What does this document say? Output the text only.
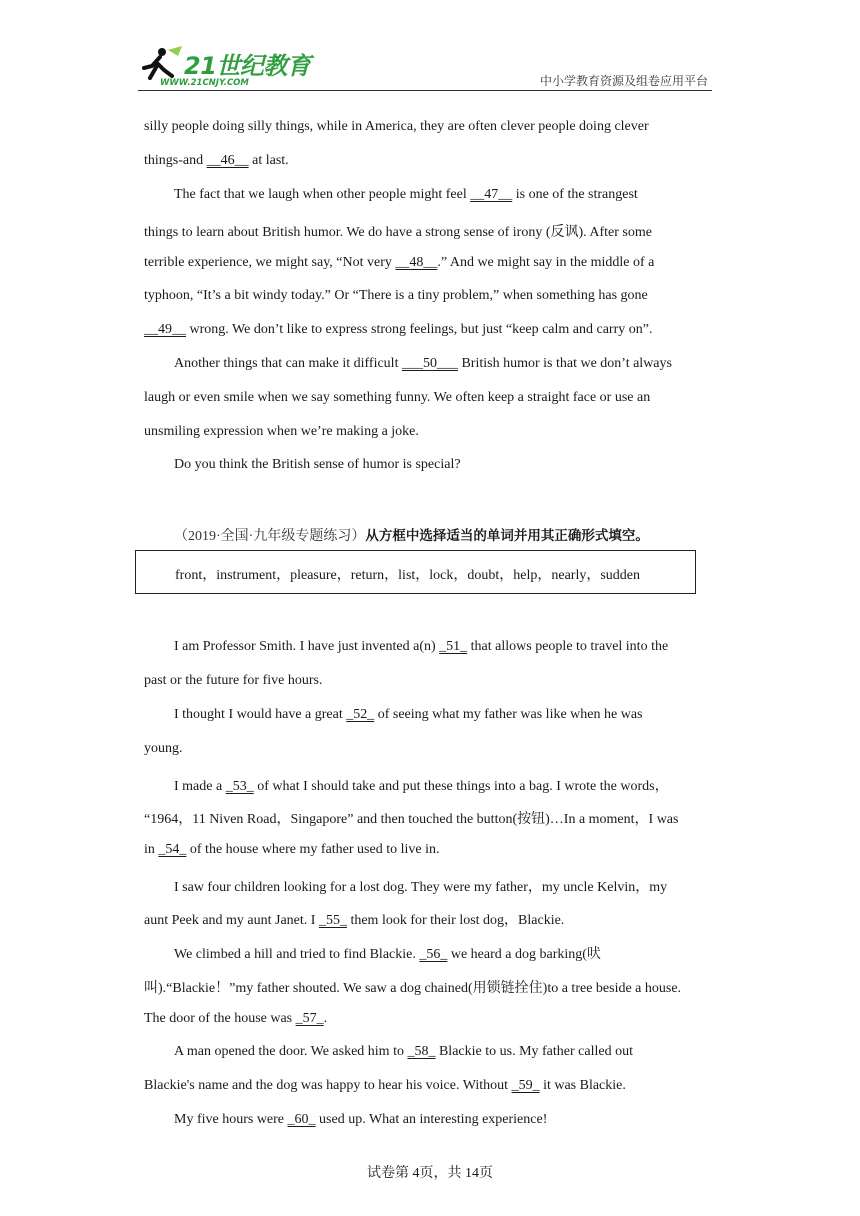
21世纪教育
WWW.21CNJY.COM	中小学教育资源及组卷应用平台
silly people doing silly things, while in America, they are often clever people doing clever
things-and __46__ at last.
The fact that we laugh when other people might feel __47__ is one of the strangest
things to learn about British humor. We do have a strong sense of irony (反讽). After some
terrible experience, we might say, “Not very __48__.” And we might say in the middle of a
typhoon, “It’s a bit windy today.” Or “There is a tiny problem,” when something has gone
__49__ wrong. We don’t like to express strong feelings, but just “keep calm and carry on”.
Another things that can make it difficult ___50___ British humor is that we don’t always
laugh or even smile when we say something funny. We often keep a straight face or use an
unsmiling expression when we’re making a joke.
Do you think the British sense of humor is special?
（2019·全国·九年级专题练习）从方框中选择适当的单词并用其正确形式填空。
front，instrument，pleasure，return，list，lock，doubt，help，nearly，sudden
I am Professor Smith. I have just invented a(n) _51_ that allows people to travel into the
past or the future for five hours.
I thought I would have a great _52_ of seeing what my father was like when he was
young.
I made a _53_ of what I should take and put these things into a bag. I wrote the words，
“1964，11 Niven Road，Singapore” and then touched the button(按钮)…In a moment，I was
in _54_ of the house where my father used to live in.
I saw four children looking for a lost dog. They were my father，my uncle Kelvin，my
aunt Peek and my aunt Janet. I _55_ them look for their lost dog，Blackie.
We climbed a hill and tried to find Blackie. _56_ we heard a dog barking(吠
叫).“Blackie！”my father shouted. We saw a dog chained(用锁链拴住)to a tree beside a house.
The door of the house was _57_.
A man opened the door. We asked him to _58_ Blackie to us. My father called out
Blackie's name and the dog was happy to hear his voice. Without _59_ it was Blackie.
My five hours were _60_ used up. What an interesting experience!
试卷第 4页，共 14页
